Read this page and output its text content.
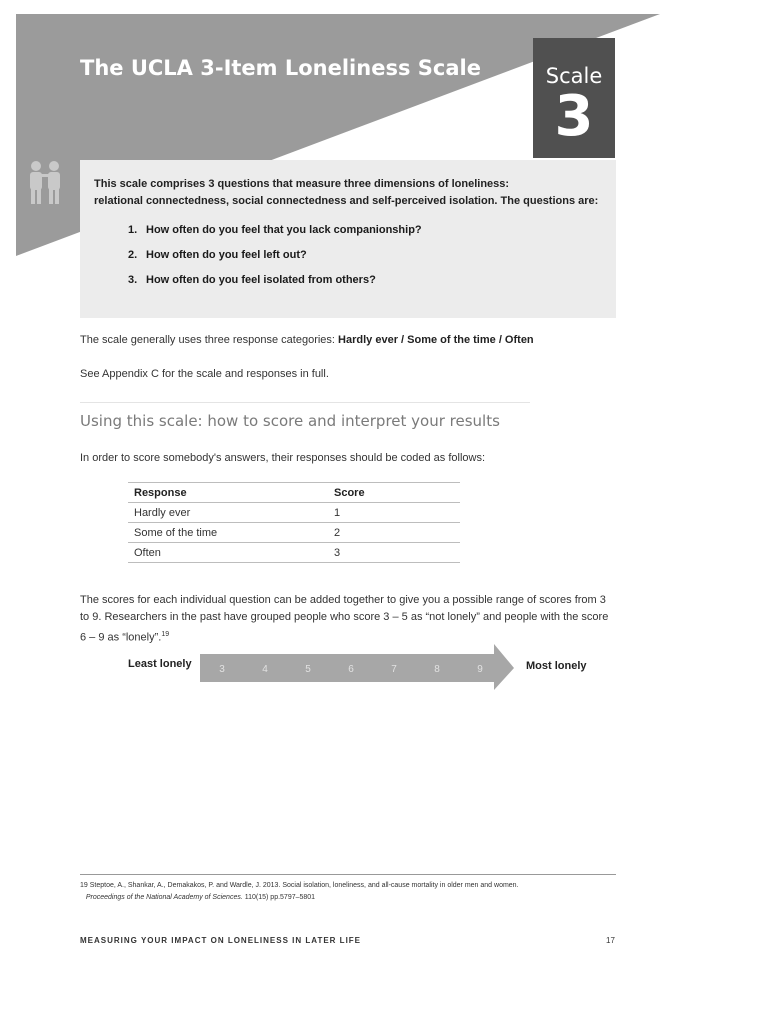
The UCLA 3-Item Loneliness Scale	Scale
3

This scale comprises 3 questions that measure three dimensions of loneliness:
relational connectedness, social connectedness and self-perceived isolation. The questions are:

1. How often do you feel that you lack companionship?
2. How often do you feel left out?
3. How often do you feel isolated from others?

The scale generally uses three response categories: Hardly ever / Some of the time / Often

See Appendix C for the scale and responses in full.

Using this scale: how to score and interpret your results

In order to score somebody's answers, their responses should be coded as follows:

Response	Score
Hardly ever	1
Some of the time	2
Often	3

The scores for each individual question can be added together to give you a possible range of scores from 3 to 9. Researchers in the past have grouped people who score 3 – 5 as “not lonely” and people with the score 6 – 9 as “lonely”.$^{19}$

Least lonely	Most lonely
3	4	5	6	7	8	9

19 Steptoe, A., Shankar, A., Demakakos, P. and Wardle, J. 2013. Social isolation, loneliness, and all-cause mortality in older men and women.
Proceedings of the National Academy of Sciences. 110(15) pp.5797–5801

MEASURING YOUR IMPACT ON LONELINESS IN LATER LIFE	17
